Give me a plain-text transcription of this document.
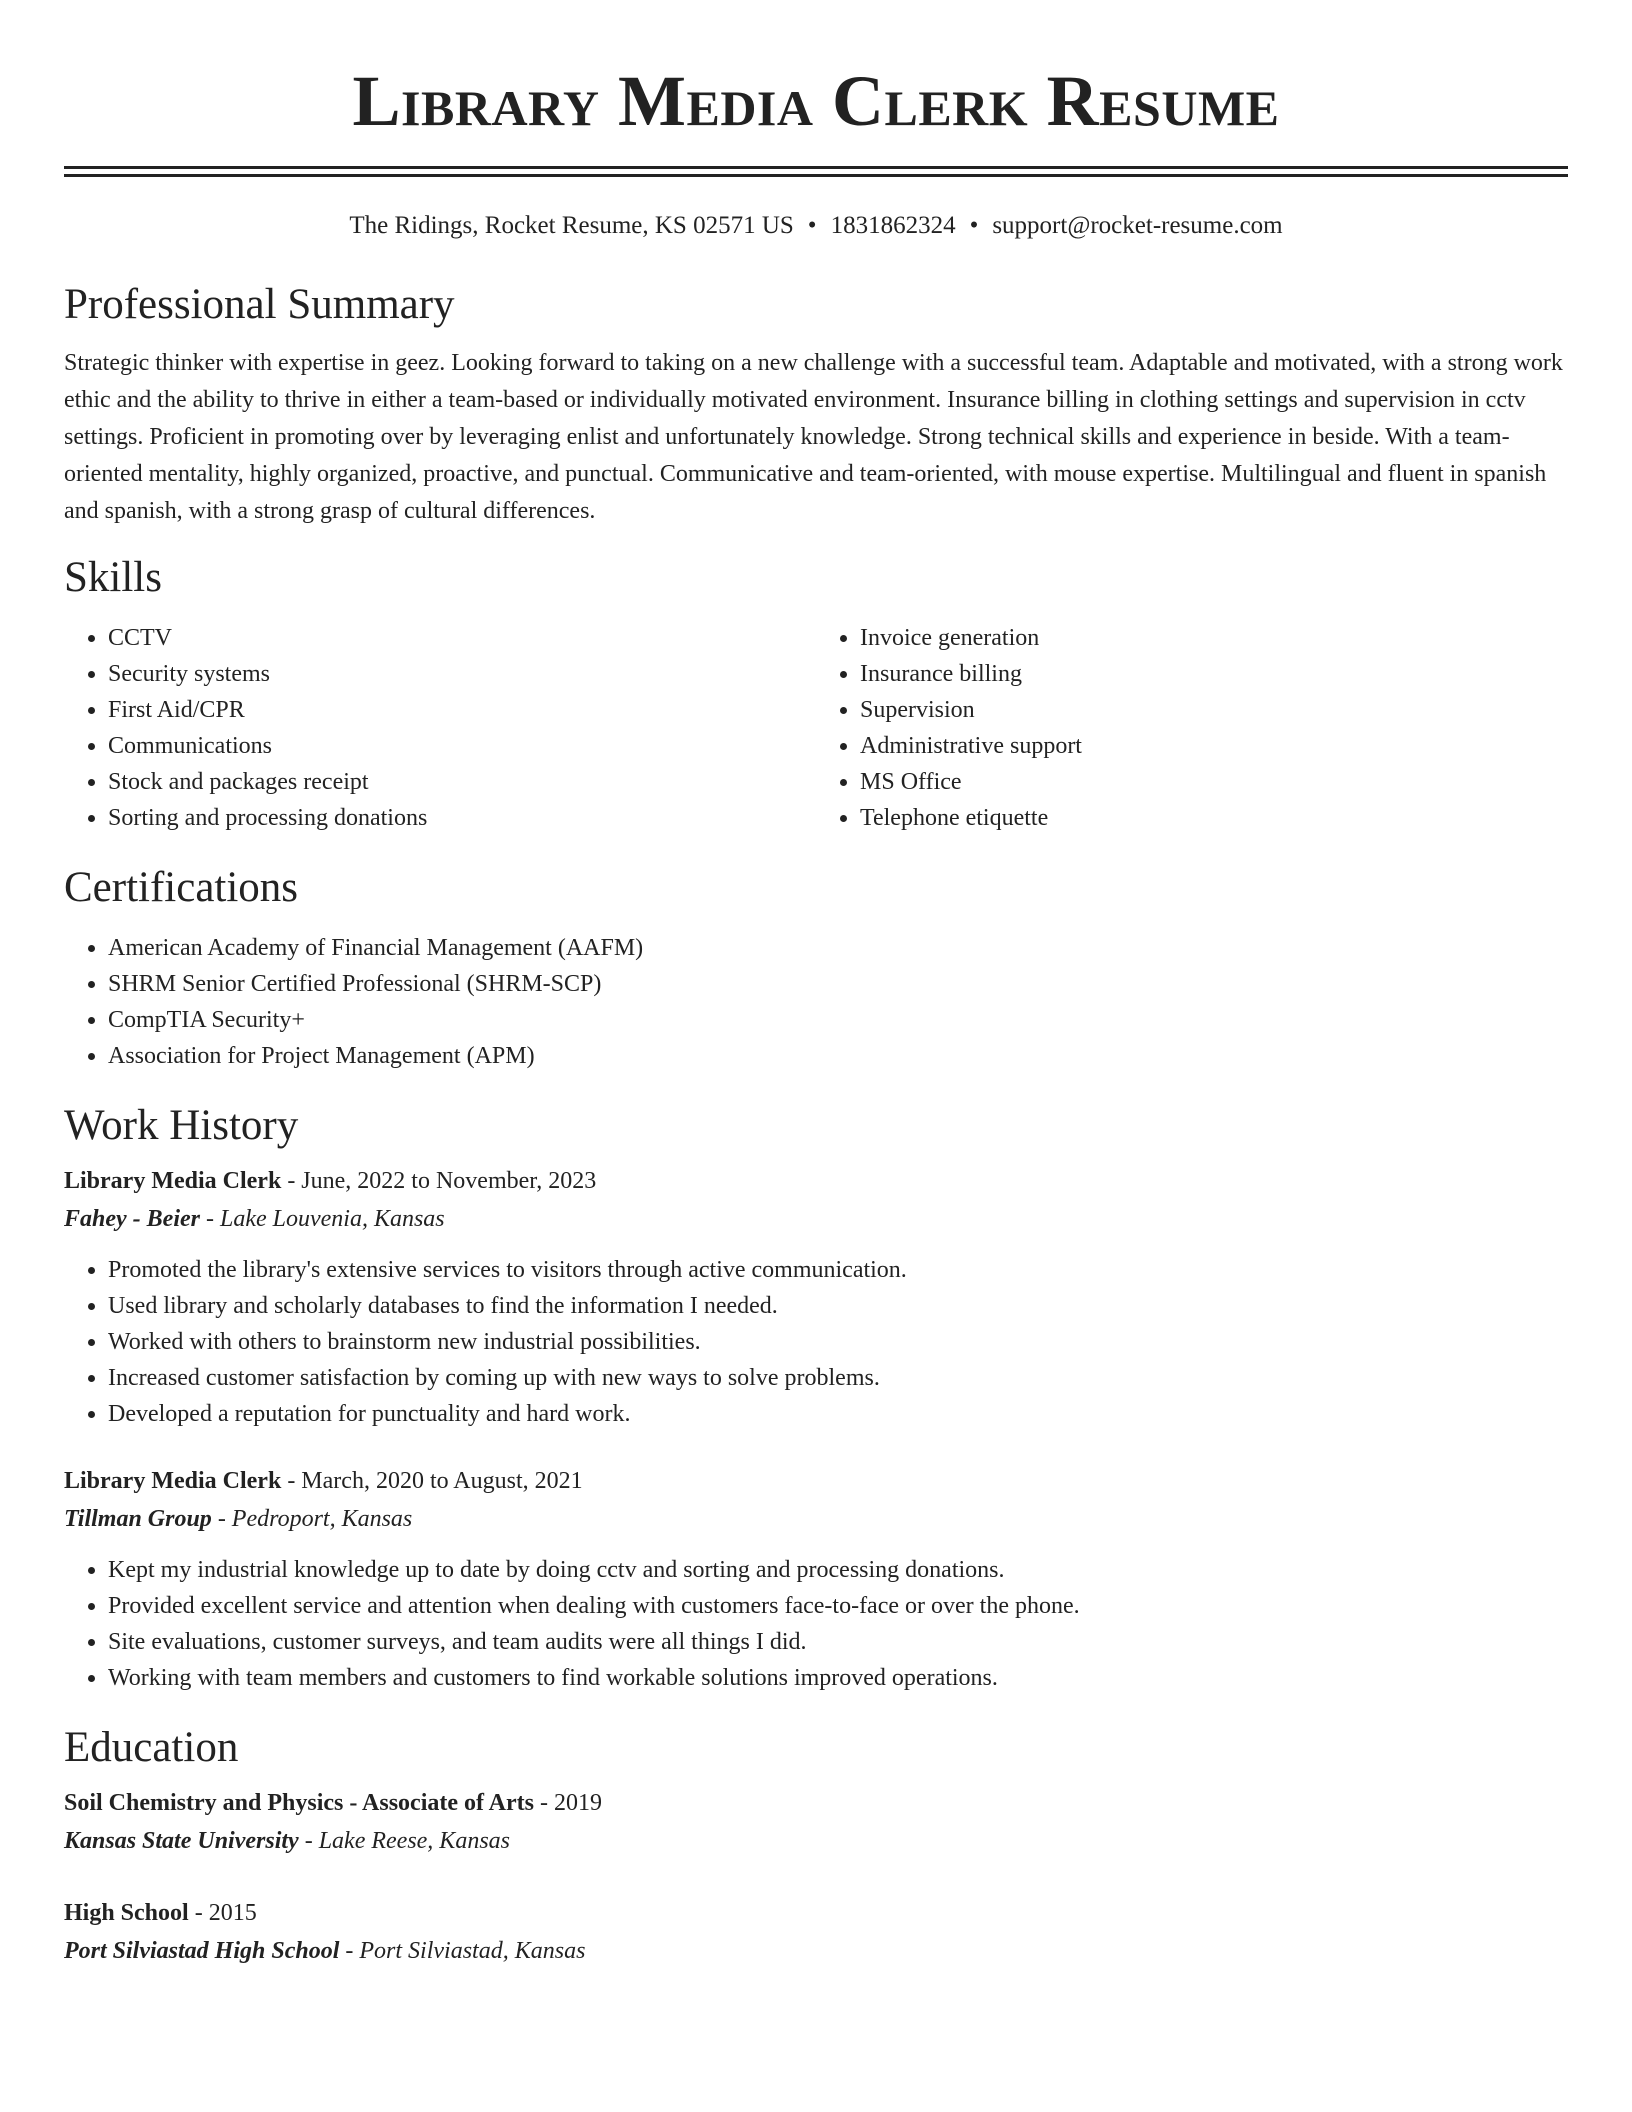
Library Media Clerk Resume
The Ridings, Rocket Resume, KS 02571 US • 1831862324 • support@rocket-resume.com
Professional Summary

Strategic thinker with expertise in geez. Looking forward to taking on a new challenge with a successful team. Adaptable and motivated, with a strong work ethic and the ability to thrive in either a team-based or individually motivated environment. Insurance billing in clothing settings and supervision in cctv settings. Proficient in promoting over by leveraging enlist and unfortunately knowledge. Strong technical skills and experience in beside. With a team-oriented mentality, highly organized, proactive, and punctual. Communicative and team-oriented, with mouse expertise. Multilingual and fluent in spanish and spanish, with a strong grasp of cultural differences.

Skills
• CCTV
• Security systems
• First Aid/CPR
• Communications
• Stock and packages receipt
• Sorting and processing donations
• Invoice generation
• Insurance billing
• Supervision
• Administrative support
• MS Office
• Telephone etiquette
Certifications
• American Academy of Financial Management (AAFM)
• SHRM Senior Certified Professional (SHRM-SCP)
• CompTIA Security+
• Association for Project Management (APM)
Work History
Library Media Clerk - June, 2022 to November, 2023
Fahey - Beier - Lake Louvenia, Kansas
• Promoted the library's extensive services to visitors through active communication.
• Used library and scholarly databases to find the information I needed.
• Worked with others to brainstorm new industrial possibilities.
• Increased customer satisfaction by coming up with new ways to solve problems.
• Developed a reputation for punctuality and hard work.
Library Media Clerk - March, 2020 to August, 2021
Tillman Group - Pedroport, Kansas
• Kept my industrial knowledge up to date by doing cctv and sorting and processing donations.
• Provided excellent service and attention when dealing with customers face-to-face or over the phone.
• Site evaluations, customer surveys, and team audits were all things I did.
• Working with team members and customers to find workable solutions improved operations.
Education
Soil Chemistry and Physics - Associate of Arts - 2019
Kansas State University - Lake Reese, Kansas
High School - 2015
Port Silviastad High School - Port Silviastad, Kansas
